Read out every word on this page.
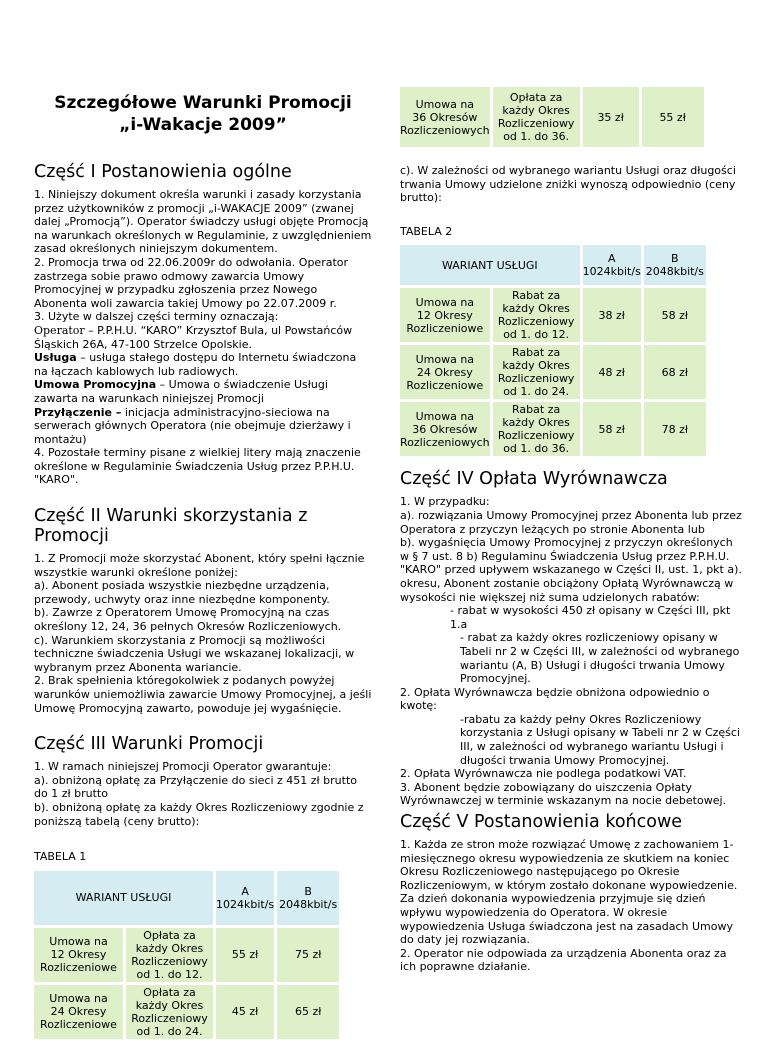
Szczegółowe Warunki Promocji
„i-Wakacje 2009”
Część I Postanowienia ogólne

1. Niniejszy dokument określa warunki i zasady korzystania przez użytkowników z promocji „i-WAKACJE 2009” (zwanej dalej „Promocją”). Operator świadczy usługi objęte Promocją na warunkach określonych w Regulaminie, z uwzględnieniem zasad określonych niniejszym dokumentem.

2. Promocja trwa od 22.06.2009r do odwołania. Operator zastrzega sobie prawo odmowy zawarcia Umowy Promocyjnej w przypadku zgłoszenia przez Nowego Abonenta woli zawarcia takiej Umowy po 22.07.2009 r.

3. Użyte w dalszej części terminy oznaczają:

Operator – P.P.H.U. “KARO” Krzysztof Bula, ul Powstańców Śląskich 26A, 47-100 Strzelce Opolskie.

Usługa – usługa stałego dostępu do Internetu świadczona na łączach kablowych lub radiowych.

Umowa Promocyjna – Umowa o świadczenie Usługi zawarta na warunkach niniejszej Promocji

Przyłączenie – inicjacja administracyjno-sieciowa na serwerach głównych Operatora (nie obejmuje dzierżawy i montażu)

4. Pozostałe terminy pisane z wielkiej litery mają znaczenie określone w Regulaminie Świadczenia Usług przez P.P.H.U. "KARO".

Część II Warunki skorzystania z Promocji

1. Z Promocji może skorzystać Abonent, który spełni łącznie wszystkie warunki określone poniżej:

a). Abonent posiada wszystkie niezbędne urządzenia, przewody, uchwyty oraz inne niezbędne komponenty.

b). Zawrze z Operatorem Umowę Promocyjną na czas określony 12, 24, 36 pełnych Okresów Rozliczeniowych.

c). Warunkiem skorzystania z Promocji są możliwości techniczne świadczenia Usługi we wskazanej lokalizacji, w wybranym przez Abonenta wariancie.

2. Brak spełnienia któregokolwiek z podanych powyżej warunków uniemożliwia zawarcie Umowy Promocyjnej, a jeśli Umowę Promocyjną zawarto, powoduje jej wygaśnięcie.

Część III Warunki Promocji

1. W ramach niniejszej Promocji Operator gwarantuje:

a). obniżoną opłatę za Przyłączenie do sieci z 451 zł brutto do 1 zł brutto

b). obniżoną opłatę za każdy Okres Rozliczeniowy zgodnie z poniższą tabelą (ceny brutto):

TABELA 1

WARIANT USŁUGI		A
1024kbit/s	B
2048kbit/s
Umowa na
12 Okresy
Rozliczeniowe	Opłata za
każdy Okres
Rozliczeniowy
od 1. do 12.	55 zł	75 zł
Umowa na
24 Okresy
Rozliczeniowe	Opłata za
każdy Okres
Rozliczeniowy
od 1. do 24.	45 zł	65 zł
Umowa na
36 Okresów
Rozliczeniowych	Opłata za
każdy Okres
Rozliczeniowy
od 1. do 36.	35 zł	55 zł

c). W zależności od wybranego wariantu Usługi oraz długości trwania Umowy udzielone zniżki wynoszą odpowiednio (ceny brutto):

TABELA 2

WARIANT USŁUGI		A
1024kbit/s	B
2048kbit/s
Umowa na
12 Okresy
Rozliczeniowe	Rabat za
każdy Okres
Rozliczeniowy
od 1. do 12.	38 zł	58 zł
Umowa na
24 Okresy
Rozliczeniowe	Rabat za
każdy Okres
Rozliczeniowy
od 1. do 24.	48 zł	68 zł
Umowa na
36 Okresów
Rozliczeniowych	Rabat za
każdy Okres
Rozliczeniowy
od 1. do 36.	58 zł	78 zł
Część IV Opłata Wyrównawcza

1. W przypadku:

a). rozwiązania Umowy Promocyjnej przez Abonenta lub przez Operatora z przyczyn leżących po stronie Abonenta lub

b). wygaśnięcia Umowy Promocyjnej z przyczyn określonych w § 7 ust. 8 b) Regulaminu Świadczenia Usług przez P.P.H.U. "KARO" przed upływem wskazanego w Części II, ust. 1, pkt a). okresu, Abonent zostanie obciążony Opłatą Wyrównawczą w wysokości nie większej niż suma udzielonych rabatów:

- rabat w wysokości 450 zł opisany w Części III, pkt 1.a

- rabat za każdy okres rozliczeniowy opisany w Tabeli nr 2 w Części III, w zależności od wybranego wariantu (A, B) Usługi i długości trwania Umowy Promocyjnej.

2. Opłata Wyrównawcza będzie obniżona odpowiednio o kwotę:

-rabatu za każdy pełny Okres Rozliczeniowy korzystania z Usługi opisany w Tabeli nr 2 w Części III, w zależności od wybranego wariantu Usługi i długości trwania Umowy Promocyjnej.

2. Opłata Wyrównawcza nie podlega podatkowi VAT.

3. Abonent będzie zobowiązany do uiszczenia Opłaty Wyrównawczej w terminie wskazanym na nocie debetowej.

Część V Postanowienia końcowe

1. Każda ze stron może rozwiązać Umowę z zachowaniem 1-miesięcznego okresu wypowiedzenia ze skutkiem na koniec Okresu Rozliczeniowego następującego po Okresie Rozliczeniowym, w którym zostało dokonane wypowiedzenie. Za dzień dokonania wypowiedzenia przyjmuje się dzień wpływu wypowiedzenia do Operatora. W okresie wypowiedzenia Usługa świadczona jest na zasadach Umowy do daty jej rozwiązania.

2. Operator nie odpowiada za urządzenia Abonenta oraz za ich poprawne działanie.
